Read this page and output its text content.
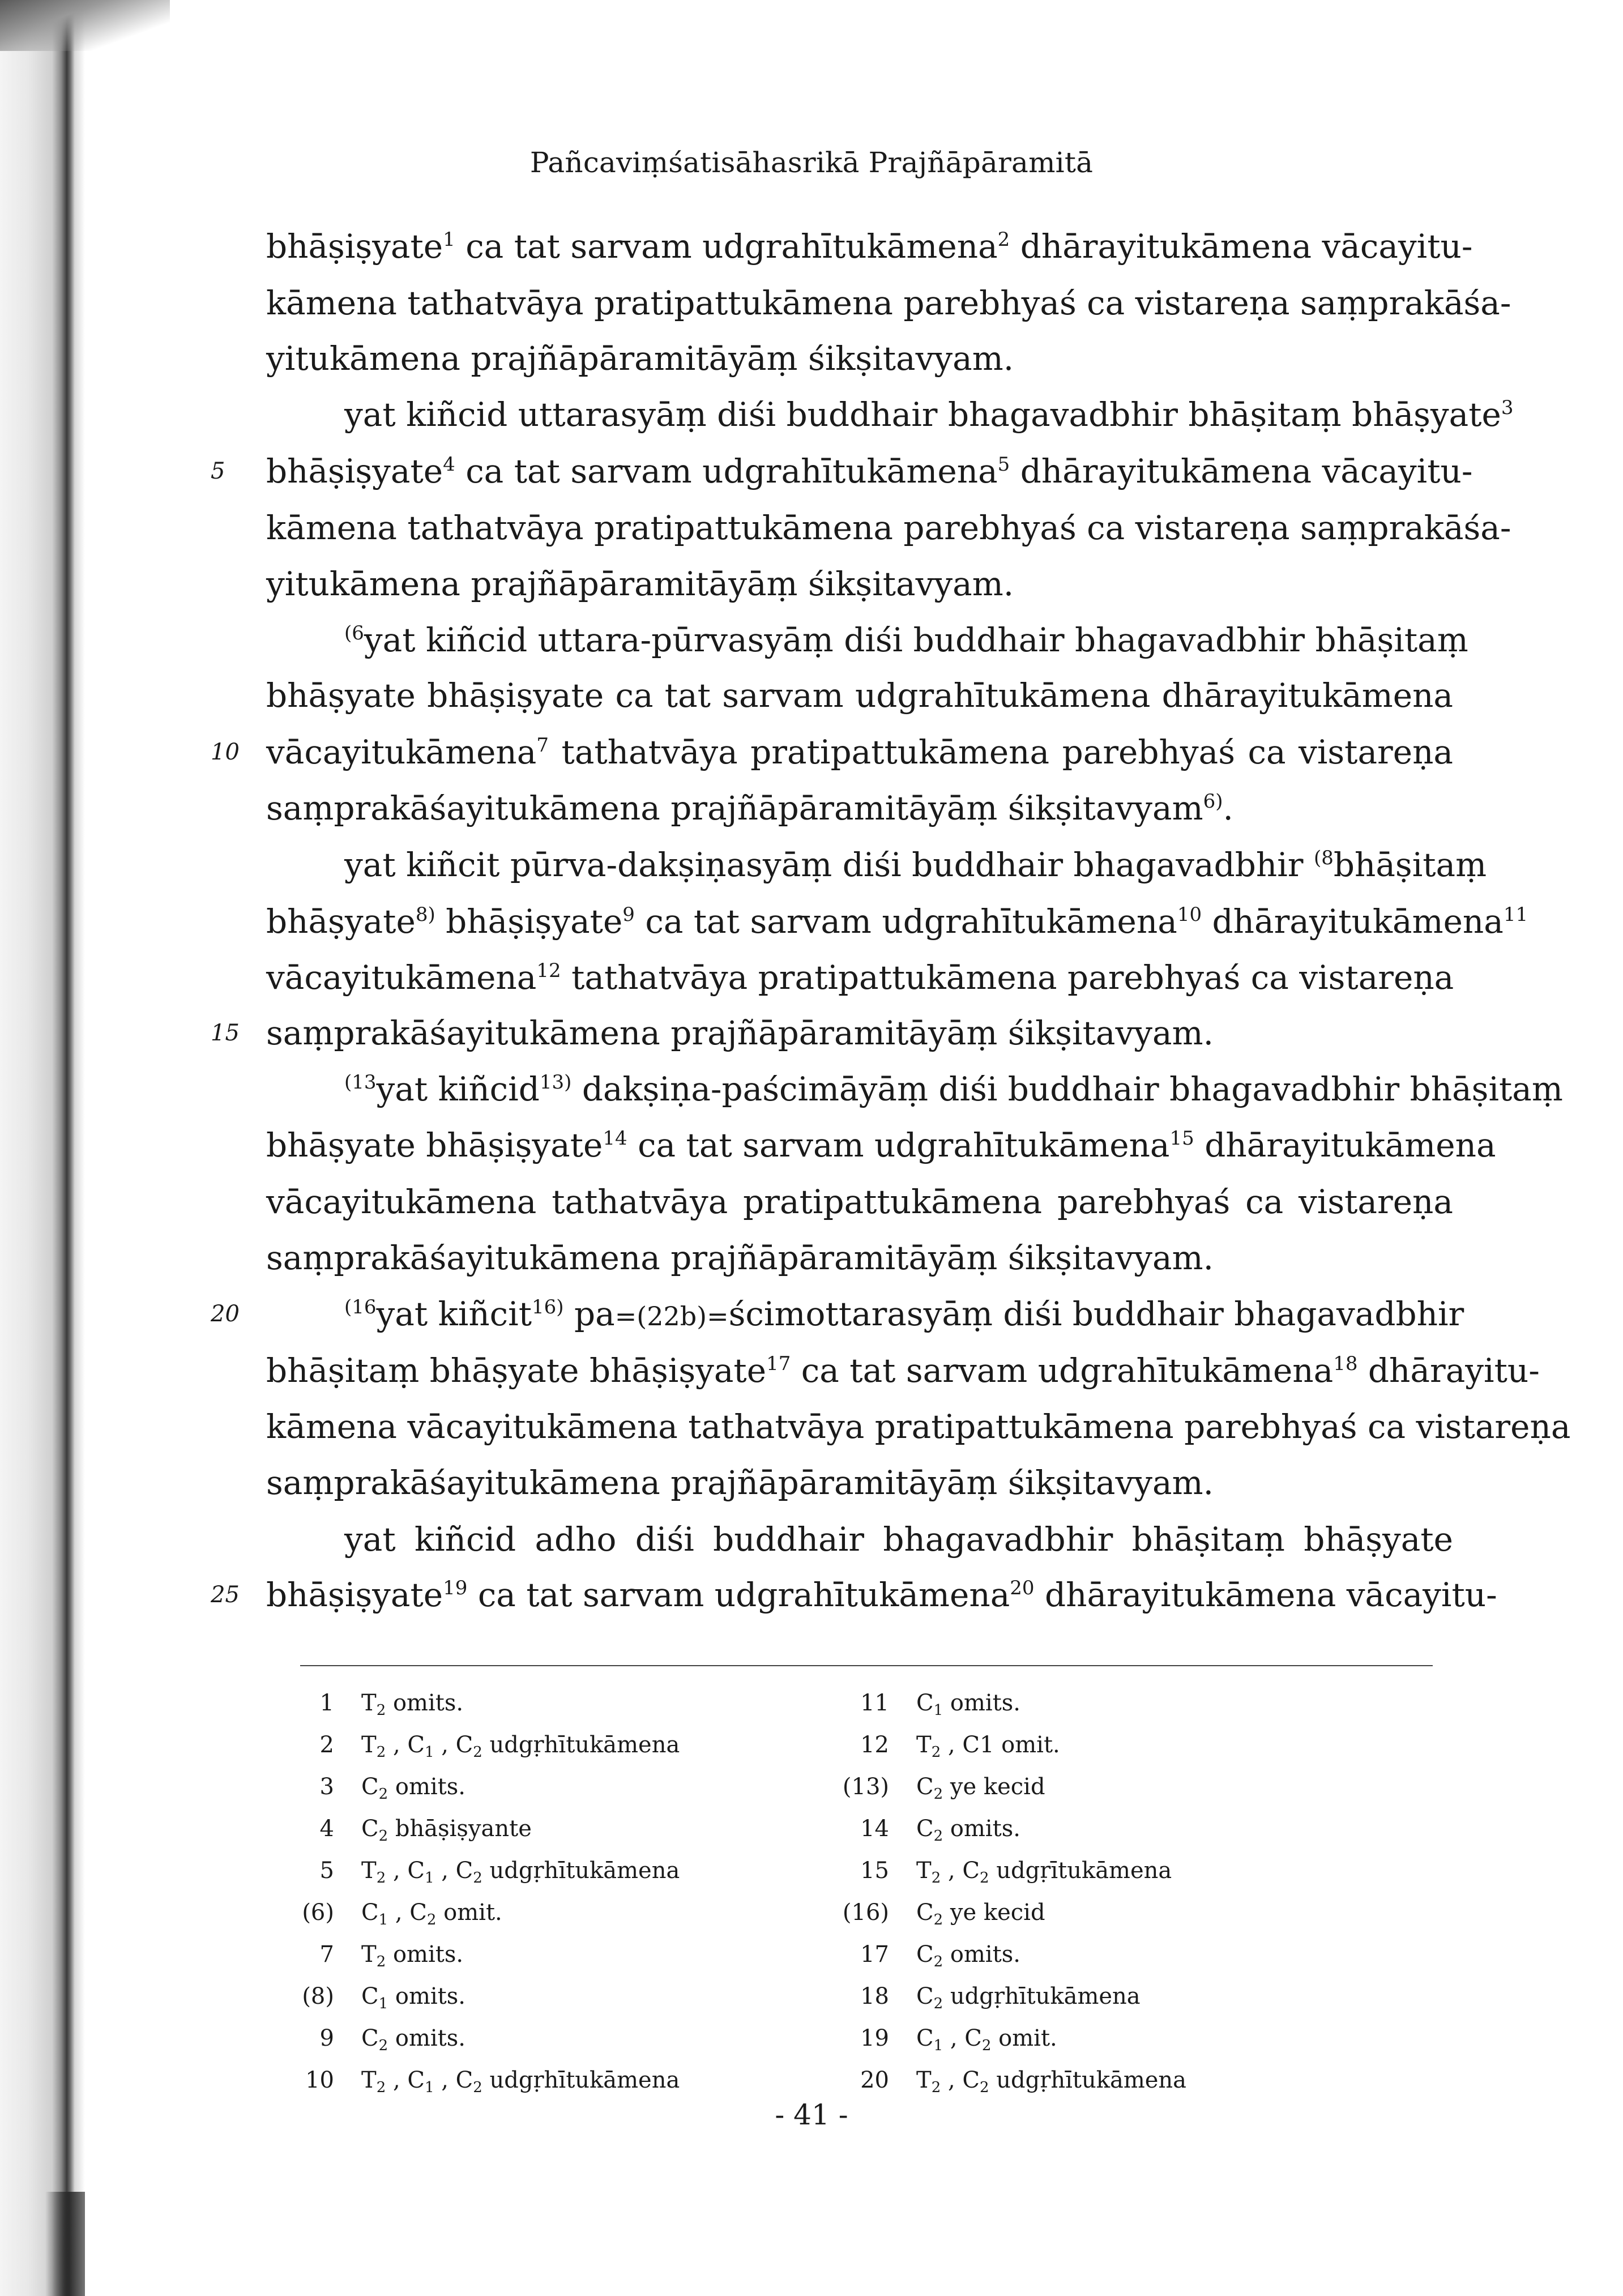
Pañcaviṃśatisāhasrikā Prajñāpāramitā
bhāṣiṣyate$^1$ ca tat sarvam udgrahītukāmena$^2$ dhārayitukāmena vācayitu-
kāmena tathatvāya pratipattukāmena parebhyaś ca vistareṇa saṃprakāśa-
yitukāmena prajñāpāramitāyāṃ śikṣitavyam.
yat kiñcid uttarasyāṃ diśi buddhair bhagavadbhir bhāṣitaṃ bhāṣyate$^3$
bhāṣiṣyate$^4$ ca tat sarvam udgrahītukāmena$^5$ dhārayitukāmena vācayitu-
kāmena tathatvāya pratipattukāmena parebhyaś ca vistareṇa saṃprakāśa-
yitukāmena prajñāpāramitāyāṃ śikṣitavyam.
$^{(6}$yat kiñcid uttara-pūrvasyāṃ diśi buddhair bhagavadbhir bhāṣitaṃ
bhāṣyate bhāṣiṣyate ca tat sarvam udgrahītukāmena dhārayitukāmena
vācayitukāmena$^7$ tathatvāya pratipattukāmena parebhyaś ca vistareṇa
saṃprakāśayitukāmena prajñāpāramitāyāṃ śikṣitavyam$^{6)}$.
yat kiñcit pūrva-dakṣiṇasyāṃ diśi buddhair bhagavadbhir $^{(8}$bhāṣitaṃ
bhāṣyate$^{8)}$ bhāṣiṣyate$^9$ ca tat sarvam udgrahītukāmena$^{10}$ dhārayitukāmena$^{11}$
vācayitukāmena$^{12}$ tathatvāya pratipattukāmena parebhyaś ca vistareṇa
saṃprakāśayitukāmena prajñāpāramitāyāṃ śikṣitavyam.
$^{(13}$yat kiñcid$^{13)}$ dakṣiṇa-paścimāyāṃ diśi buddhair bhagavadbhir bhāṣitaṃ
bhāṣyate bhāṣiṣyate$^{14}$ ca tat sarvam udgrahītukāmena$^{15}$ dhārayitukāmena
vācayitukāmena tathatvāya pratipattukāmena parebhyaś ca vistareṇa
saṃprakāśayitukāmena prajñāpāramitāyāṃ śikṣitavyam.
$^{(16}$yat kiñcit$^{16)}$ pa=(22b)=ścimottarasyāṃ diśi buddhair bhagavadbhir
bhāṣitaṃ bhāṣyate bhāṣiṣyate$^{17}$ ca tat sarvam udgrahītukāmena$^{18}$ dhārayitu-
kāmena vācayitukāmena tathatvāya pratipattukāmena parebhyaś ca vistareṇa
saṃprakāśayitukāmena prajñāpāramitāyāṃ śikṣitavyam.
yat kiñcid adho diśi buddhair bhagavadbhir bhāṣitaṃ bhāṣyate
bhāṣiṣyate$^{19}$ ca tat sarvam udgrahītukāmena$^{20}$ dhārayitukāmena vācayitu-
5
10
15
20
25
1 T2 omits.
2 T2 , C1 , C2 udgṛhītukāmena
3 C2 omits.
4 C2 bhāṣiṣyante
5 T2 , C1 , C2 udgṛhītukāmena
(6) C1 , C2 omit.
7 T2 omits.
(8) C1 omits.
9 C2 omits.
10 T2 , C1 , C2 udgṛhītukāmena
11 C1 omits.
12 T2 , C1 omit.
(13) C2 ye kecid
14 C2 omits.
15 T2 , C2 udgṛītukāmena
(16) C2 ye kecid
17 C2 omits.
18 C2 udgṛhītukāmena
19 C1 , C2 omit.
20 T2 , C2 udgṛhītukāmena
- 41 -
